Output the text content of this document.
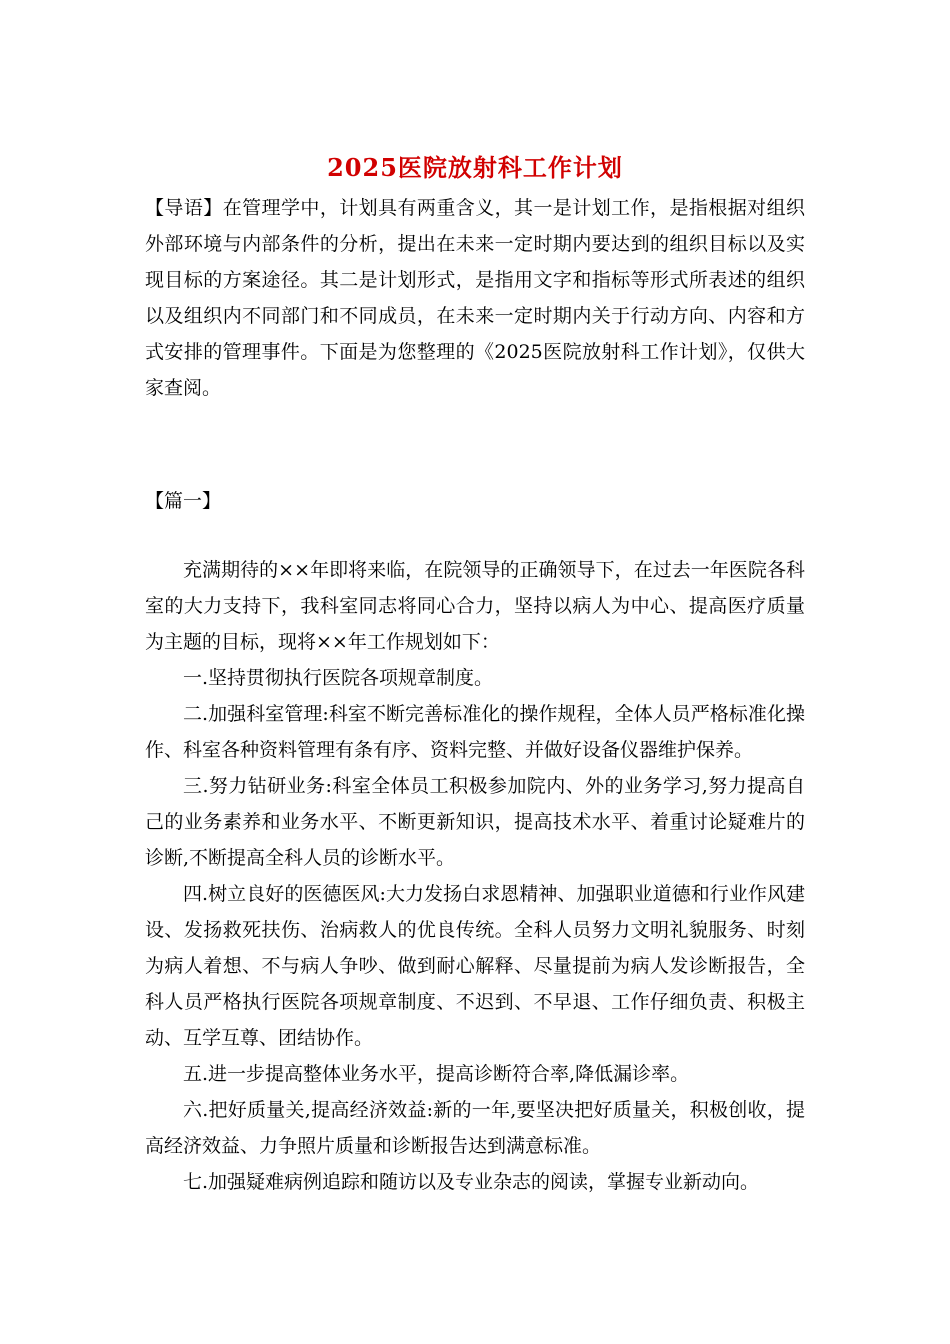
2025医院放射科工作计划
【导语】在管理学中，计划具有两重含义，其一是计划工作，是指根据对组织外部环境与内部条件的分析，提出在未来一定时期内要达到的组织目标以及实现目标的方案途径。其二是计划形式，是指用文字和指标等形式所表述的组织以及组织内不同部门和不同成员，在未来一定时期内关于行动方向、内容和方式安排的管理事件。下面是为您整理的《2025医院放射科工作计划》，仅供大家查阅。
【篇一】

充满期待的××年即将来临，在院领导的正确领导下，在过去一年医院各科室的大力支持下，我科室同志将同心合力，坚持以病人为中心、提高医疗质量为主题的目标，现将××年工作规划如下：

一.坚持贯彻执行医院各项规章制度。

二.加强科室管理:科室不断完善标准化的操作规程，全体人员严格标准化操作、科室各种资料管理有条有序、资料完整、并做好设备仪器维护保养。

三.努力钻研业务:科室全体员工积极参加院内、外的业务学习,努力提高自己的业务素养和业务水平、不断更新知识，提高技术水平、着重讨论疑难片的诊断,不断提高全科人员的诊断水平。

四.树立良好的医德医风:大力发扬白求恩精神、加强职业道德和行业作风建设、发扬救死扶伤、治病救人的优良传统。全科人员努力文明礼貌服务、时刻为病人着想、不与病人争吵、做到耐心解释、尽量提前为病人发诊断报告，全科人员严格执行医院各项规章制度、不迟到、不早退、工作仔细负责、积极主动、互学互尊、团结协作。

五.进一步提高整体业务水平，提高诊断符合率,降低漏诊率。

六.把好质量关,提高经济效益:新的一年,要坚决把好质量关，积极创收，提高经济效益、力争照片质量和诊断报告达到满意标准。

七.加强疑难病例追踪和随访以及专业杂志的阅读，掌握专业新动向。
